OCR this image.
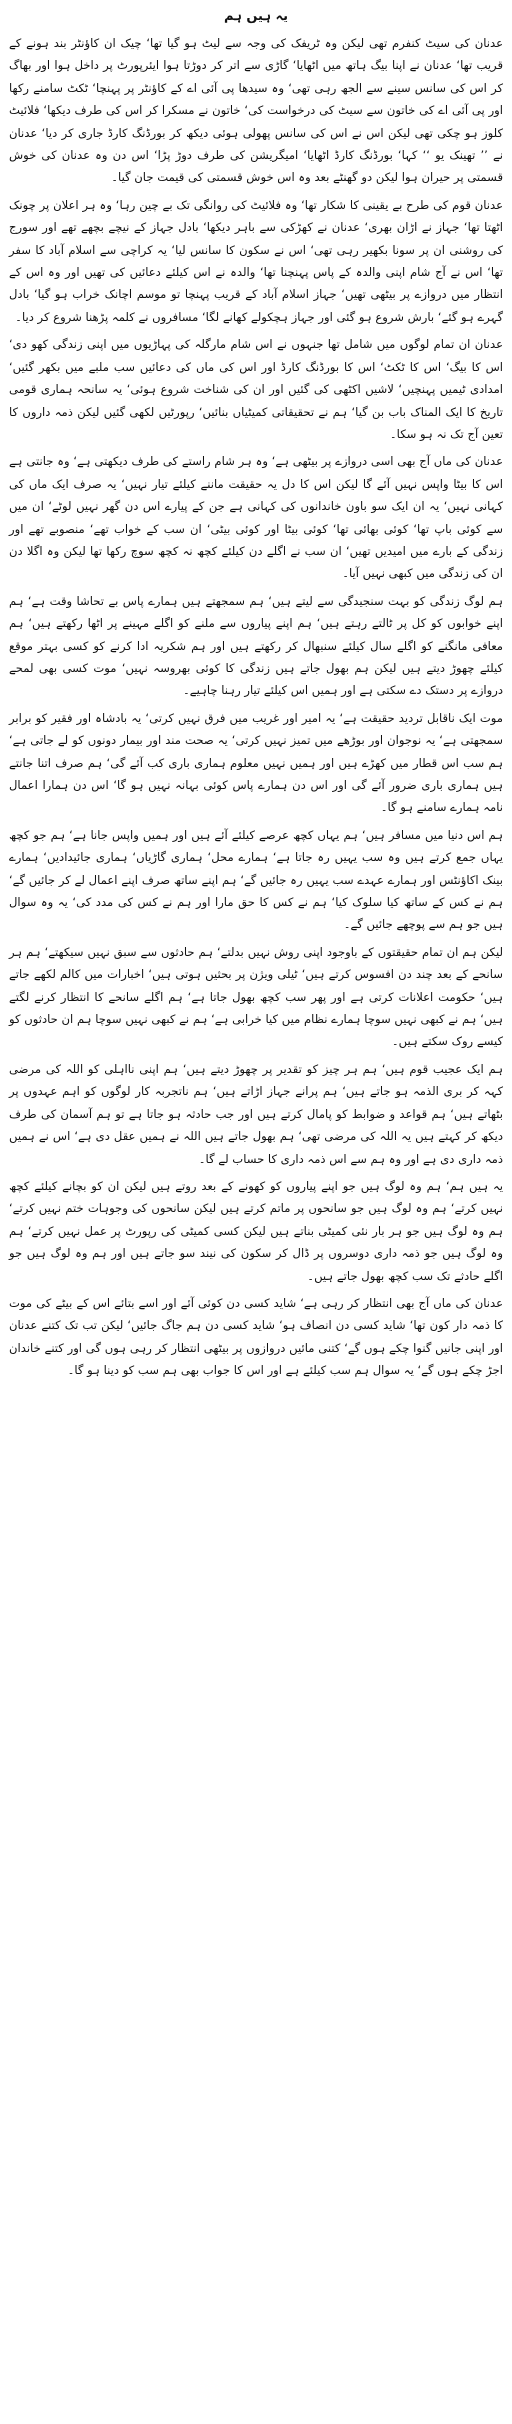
یہ ہیں ہم

عدنان کی سیٹ کنفرم تھی لیکن وہ ٹریفک کی وجہ سے لیٹ ہو گیا تھا‘ چیک ان کاؤنٹر بند ہونے کے قریب تھا‘ عدنان نے اپنا بیگ ہاتھ میں اٹھایا‘ گاڑی سے اتر کر دوڑتا ہوا ایئرپورٹ پر داخل ہوا اور بھاگ کر اس کی سانس سینے سے الجھ رہی تھی‘ وہ سیدھا پی آئی اے کے کاؤنٹر پر پہنچا‘ ٹکٹ سامنے رکھا اور پی آئی اے کی خاتون سے سیٹ کی درخواست کی‘ خاتون نے مسکرا کر اس کی طرف دیکھا‘ فلائیٹ کلوز ہو چکی تھی لیکن اس نے اس کی سانس پھولی ہوئی دیکھ کر بورڈنگ کارڈ جاری کر دیا‘ عدنان نے ’’ تھینک یو ‘‘ کہا‘ بورڈنگ کارڈ اٹھایا‘ امیگریشن کی طرف دوڑ پڑا‘ اس دن وہ عدنان کی خوش قسمتی پر حیران ہوا لیکن دو گھنٹے بعد وہ اس خوش قسمتی کی قیمت جان گیا۔

عدنان قوم کی طرح بے یقینی کا شکار تھا‘ وہ فلائیٹ کی روانگی تک بے چین رہا‘ وہ ہر اعلان پر چونک اٹھتا تھا‘ جہاز نے اڑان بھری‘ عدنان نے کھڑکی سے باہر دیکھا‘ بادل جہاز کے نیچے بچھے تھے اور سورج کی روشنی ان پر سونا بکھیر رہی تھی‘ اس نے سکون کا سانس لیا‘ یہ کراچی سے اسلام آباد کا سفر تھا‘ اس نے آج شام اپنی والدہ کے پاس پہنچنا تھا‘ والدہ نے اس کیلئے دعائیں کی تھیں اور وہ اس کے انتظار میں دروازے پر بیٹھی تھیں‘ جہاز اسلام آباد کے قریب پہنچا تو موسم اچانک خراب ہو گیا‘ بادل گہرے ہو گئے‘ بارش شروع ہو گئی اور جہاز ہچکولے کھانے لگا‘ مسافروں نے کلمہ پڑھنا شروع کر دیا۔

عدنان ان تمام لوگوں میں شامل تھا جنہوں نے اس شام مارگلہ کی پہاڑیوں میں اپنی زندگی کھو دی‘ اس کا بیگ‘ اس کا ٹکٹ‘ اس کا بورڈنگ کارڈ اور اس کی ماں کی دعائیں سب ملبے میں بکھر گئیں‘ امدادی ٹیمیں پہنچیں‘ لاشیں اکٹھی کی گئیں اور ان کی شناخت شروع ہوئی‘ یہ سانحہ ہماری قومی تاریخ کا ایک المناک باب بن گیا‘ ہم نے تحقیقاتی کمیٹیاں بنائیں‘ رپورٹیں لکھی گئیں لیکن ذمہ داروں کا تعین آج تک نہ ہو سکا۔

عدنان کی ماں آج بھی اسی دروازے پر بیٹھی ہے‘ وہ ہر شام راستے کی طرف دیکھتی ہے‘ وہ جانتی ہے اس کا بیٹا واپس نہیں آئے گا لیکن اس کا دل یہ حقیقت ماننے کیلئے تیار نہیں‘ یہ صرف ایک ماں کی کہانی نہیں‘ یہ ان ایک سو باون خاندانوں کی کہانی ہے جن کے پیارے اس دن گھر نہیں لوٹے‘ ان میں سے کوئی باپ تھا‘ کوئی بھائی تھا‘ کوئی بیٹا اور کوئی بیٹی‘ ان سب کے خواب تھے‘ منصوبے تھے اور زندگی کے بارے میں امیدیں تھیں‘ ان سب نے اگلے دن کیلئے کچھ نہ کچھ سوچ رکھا تھا لیکن وہ اگلا دن ان کی زندگی میں کبھی نہیں آیا۔

ہم لوگ زندگی کو بہت سنجیدگی سے لیتے ہیں‘ ہم سمجھتے ہیں ہمارے پاس بے تحاشا وقت ہے‘ ہم اپنے خوابوں کو کل پر ٹالتے رہتے ہیں‘ ہم اپنے پیاروں سے ملنے کو اگلے مہینے پر اٹھا رکھتے ہیں‘ ہم معافی مانگنے کو اگلے سال کیلئے سنبھال کر رکھتے ہیں اور ہم شکریہ ادا کرنے کو کسی بہتر موقع کیلئے چھوڑ دیتے ہیں لیکن ہم بھول جاتے ہیں زندگی کا کوئی بھروسہ نہیں‘ موت کسی بھی لمحے دروازے پر دستک دے سکتی ہے اور ہمیں اس کیلئے تیار رہنا چاہیے۔

موت ایک ناقابل تردید حقیقت ہے‘ یہ امیر اور غریب میں فرق نہیں کرتی‘ یہ بادشاہ اور فقیر کو برابر سمجھتی ہے‘ یہ نوجوان اور بوڑھے میں تمیز نہیں کرتی‘ یہ صحت مند اور بیمار دونوں کو لے جاتی ہے‘ ہم سب اس قطار میں کھڑے ہیں اور ہمیں نہیں معلوم ہماری باری کب آئے گی‘ ہم صرف اتنا جانتے ہیں ہماری باری ضرور آئے گی اور اس دن ہمارے پاس کوئی بہانہ نہیں ہو گا‘ اس دن ہمارا اعمال نامہ ہمارے سامنے ہو گا۔

ہم اس دنیا میں مسافر ہیں‘ ہم یہاں کچھ عرصے کیلئے آئے ہیں اور ہمیں واپس جانا ہے‘ ہم جو کچھ یہاں جمع کرتے ہیں وہ سب یہیں رہ جاتا ہے‘ ہمارے محل‘ ہماری گاڑیاں‘ ہماری جائیدادیں‘ ہمارے بینک اکاؤنٹس اور ہمارے عہدے سب یہیں رہ جائیں گے‘ ہم اپنے ساتھ صرف اپنے اعمال لے کر جائیں گے‘ ہم نے کس کے ساتھ کیا سلوک کیا‘ ہم نے کس کا حق مارا اور ہم نے کس کی مدد کی‘ یہ وہ سوال ہیں جو ہم سے پوچھے جائیں گے۔

لیکن ہم ان تمام حقیقتوں کے باوجود اپنی روش نہیں بدلتے‘ ہم حادثوں سے سبق نہیں سیکھتے‘ ہم ہر سانحے کے بعد چند دن افسوس کرتے ہیں‘ ٹیلی ویژن پر بحثیں ہوتی ہیں‘ اخبارات میں کالم لکھے جاتے ہیں‘ حکومت اعلانات کرتی ہے اور پھر سب کچھ بھول جاتا ہے‘ ہم اگلے سانحے کا انتظار کرنے لگتے ہیں‘ ہم نے کبھی نہیں سوچا ہمارے نظام میں کیا خرابی ہے‘ ہم نے کبھی نہیں سوچا ہم ان حادثوں کو کیسے روک سکتے ہیں۔

ہم ایک عجیب قوم ہیں‘ ہم ہر چیز کو تقدیر پر چھوڑ دیتے ہیں‘ ہم اپنی نااہلی کو اللہ کی مرضی کہہ کر بری الذمہ ہو جاتے ہیں‘ ہم پرانے جہاز اڑاتے ہیں‘ ہم ناتجربہ کار لوگوں کو اہم عہدوں پر بٹھاتے ہیں‘ ہم قواعد و ضوابط کو پامال کرتے ہیں اور جب حادثہ ہو جاتا ہے تو ہم آسمان کی طرف دیکھ کر کہتے ہیں یہ اللہ کی مرضی تھی‘ ہم بھول جاتے ہیں اللہ نے ہمیں عقل دی ہے‘ اس نے ہمیں ذمہ داری دی ہے اور وہ ہم سے اس ذمہ داری کا حساب لے گا۔

یہ ہیں ہم‘ ہم وہ لوگ ہیں جو اپنے پیاروں کو کھونے کے بعد روتے ہیں لیکن ان کو بچانے کیلئے کچھ نہیں کرتے‘ ہم وہ لوگ ہیں جو سانحوں پر ماتم کرتے ہیں لیکن سانحوں کی وجوہات ختم نہیں کرتے‘ ہم وہ لوگ ہیں جو ہر بار نئی کمیٹی بناتے ہیں لیکن کسی کمیٹی کی رپورٹ پر عمل نہیں کرتے‘ ہم وہ لوگ ہیں جو ذمہ داری دوسروں پر ڈال کر سکون کی نیند سو جاتے ہیں اور ہم وہ لوگ ہیں جو اگلے حادثے تک سب کچھ بھول جاتے ہیں۔

عدنان کی ماں آج بھی انتظار کر رہی ہے‘ شاید کسی دن کوئی آئے اور اسے بتائے اس کے بیٹے کی موت کا ذمہ دار کون تھا‘ شاید کسی دن انصاف ہو‘ شاید کسی دن ہم جاگ جائیں‘ لیکن تب تک کتنے عدنان اور اپنی جانیں گنوا چکے ہوں گے‘ کتنی مائیں دروازوں پر بیٹھی انتظار کر رہی ہوں گی اور کتنے خاندان اجڑ چکے ہوں گے‘ یہ سوال ہم سب کیلئے ہے اور اس کا جواب بھی ہم سب کو دینا ہو گا۔
